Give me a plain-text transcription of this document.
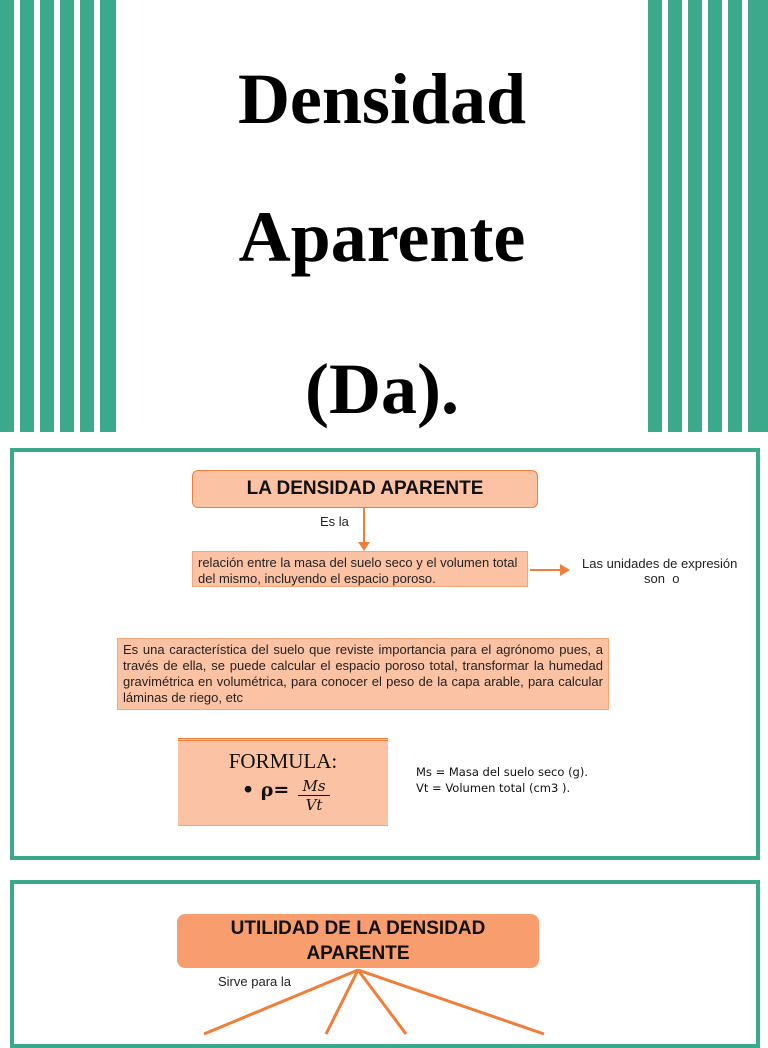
Densidad
Aparente
(Da).
LA DENSIDAD APARENTE
Es la
relación entre la masa del suelo seco y el volumen total del mismo, incluyendo el espacio poroso.
Las unidades de expresión
son o
Es una característica del suelo que reviste importancia para el agrónomo pues, a través de ella, se puede calcular el espacio poroso total, transformar la humedad gravimétrica en volumétrica, para conocer el peso de la capa arable, para calcular láminas de riego, etc
FORMULA:
• $\rho= \frac{Ms}{Vt}$
Ms = Masa del suelo seco (g).
Vt = Volumen total (cm3 ).
UTILIDAD DE LA DENSIDAD
APARENTE
Sirve para la
